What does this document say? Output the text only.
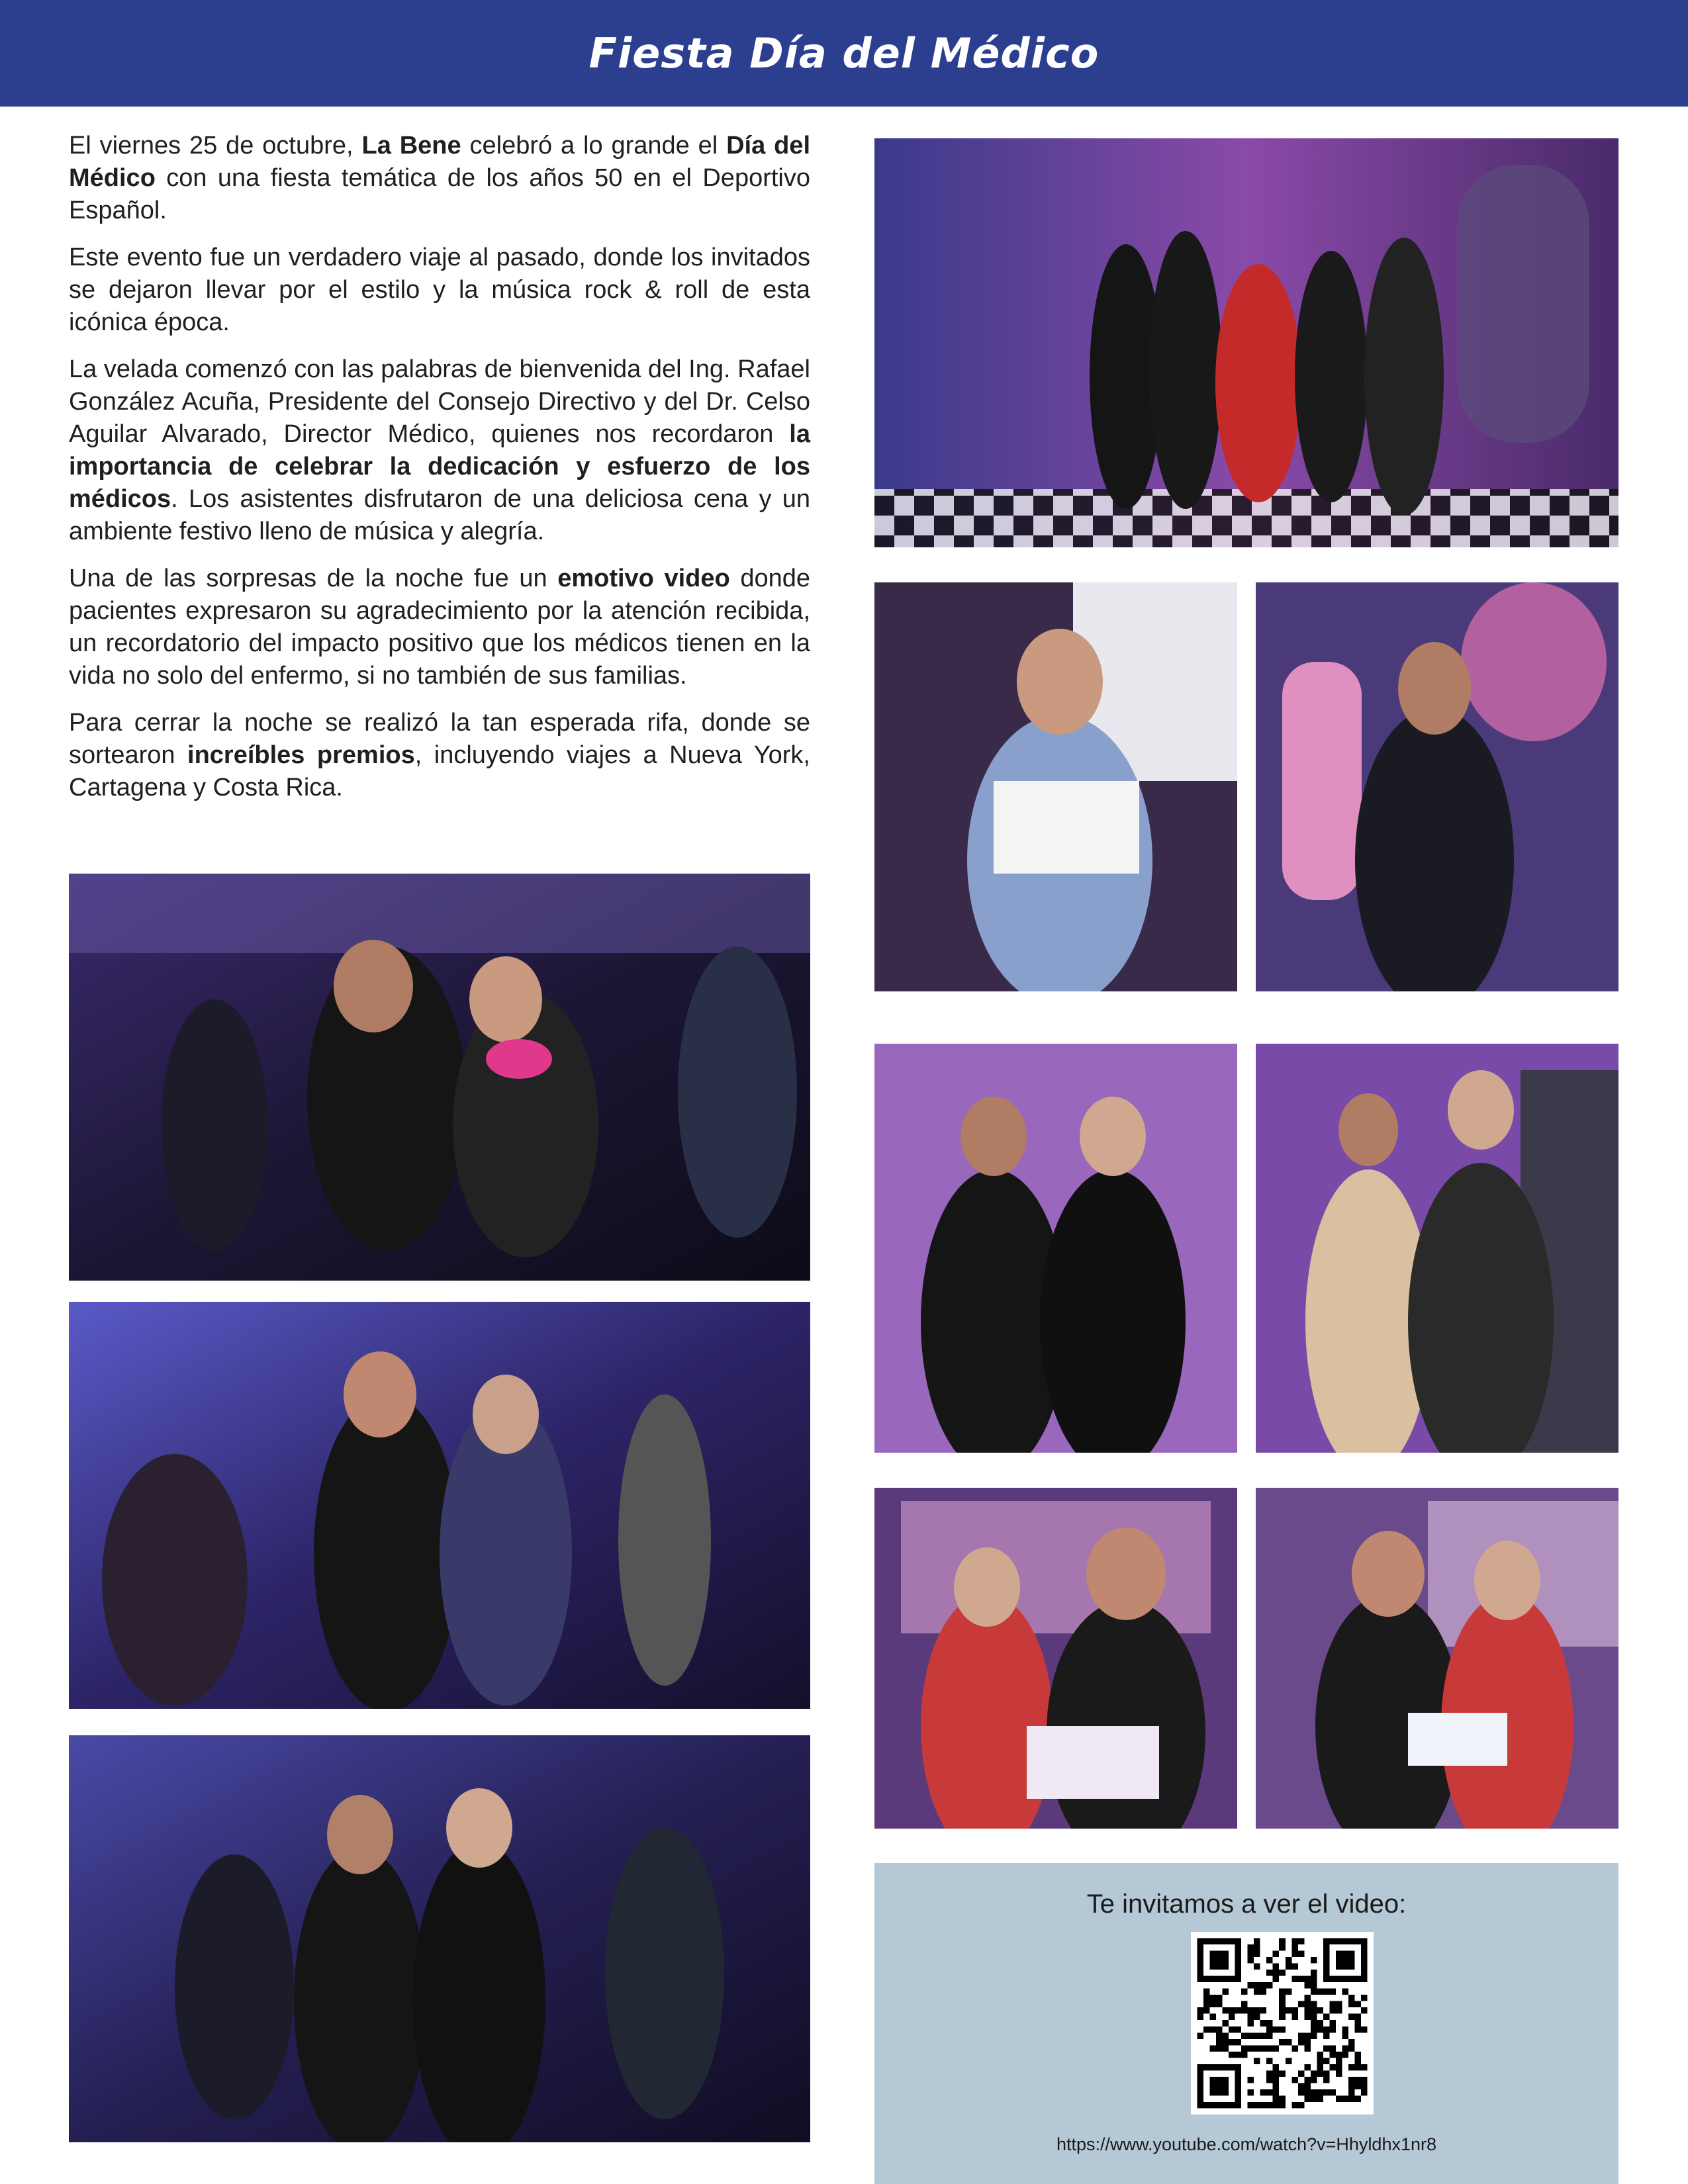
Fiesta Día del Médico

El viernes 25 de octubre, La Bene celebró a lo grande el Día del Médico con una fiesta temática de los años 50 en el Deportivo Español.

Este evento fue un verdadero viaje al pasado, donde los invitados se dejaron llevar por el estilo y la música rock & roll de esta icónica época.

La velada comenzó con las palabras de bienvenida del Ing. Rafael González Acuña, Presidente del Consejo Directivo y del Dr. Celso Aguilar Alvarado, Director Médico, quienes nos recordaron la importancia de celebrar la dedicación y esfuerzo de los médicos. Los asistentes disfrutaron de una deliciosa cena y un ambiente festivo lleno de música y alegría.

Una de las sorpresas de la noche fue un emotivo video donde pacientes expresaron su agradecimiento por la atención recibida, un recordatorio del impacto positivo que los médicos tienen en la vida no solo del enfermo, si no también de sus familias.

Para cerrar la noche se realizó la tan esperada rifa, donde se sortearon increíbles premios, incluyendo viajes a Nueva York, Cartagena y Costa Rica.

Te invitamos a ver el video:
https://www.youtube.com/watch?v=Hhyldhx1nr8
